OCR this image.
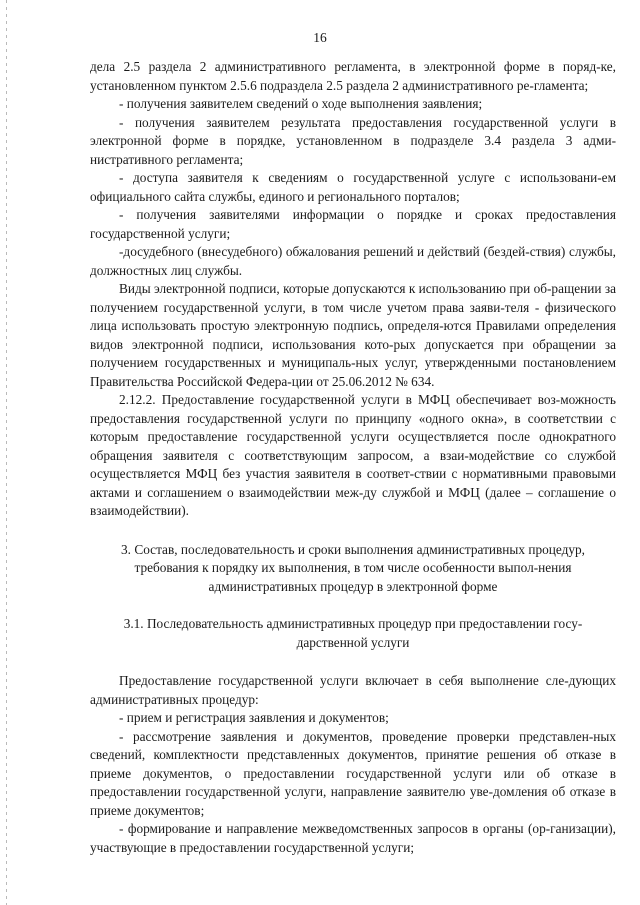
16

дела 2.5 раздела 2 административного регламента, в электронной форме в поряд-ке, установленном пунктом 2.5.6 подраздела 2.5 раздела 2 административного ре-гламента;

- получения заявителем сведений о ходе выполнения заявления;

- получения заявителем результата предоставления государственной услуги в электронной форме в порядке, установленном в подразделе 3.4 раздела 3 адми-нистративного регламента;

- доступа заявителя к сведениям о государственной услуге с использовани-ем официального сайта службы, единого и регионального порталов;

- получения заявителями информации о порядке и сроках предоставления государственной услуги;

-досудебного (внесудебного) обжалования решений и действий (бездей-ствия) службы, должностных лиц службы.

Виды электронной подписи, которые допускаются к использованию при об-ращении за получением государственной услуги, в том числе учетом права заяви-теля - физического лица использовать простую электронную подпись, определя-ются Правилами определения видов электронной подписи, использования кото-рых допускается при обращении за получением государственных и муниципаль-ных услуг, утвержденными постановлением Правительства Российской Федера-ции от 25.06.2012 № 634.

2.12.2. Предоставление государственной услуги в МФЦ обеспечивает воз-можность предоставления государственной услуги по принципу «одного окна», в соответствии с которым предоставление государственной услуги осуществляется после однократного обращения заявителя с соответствующим запросом, а взаи-модействие со службой осуществляется МФЦ без участия заявителя в соответ-ствии с нормативными правовыми актами и соглашением о взаимодействии меж-ду службой и МФЦ (далее – соглашение о взаимодействии).

3. Состав, последовательность и сроки выполнения административных процедур, требования к порядку их выполнения, в том числе особенности выпол-нения административных процедур в электронной форме
3.1. Последовательность административных процедур при предоставлении госу-дарственной услуги

Предоставление государственной услуги включает в себя выполнение сле-дующих административных процедур:

- прием и регистрация заявления и документов;

- рассмотрение заявления и документов, проведение проверки представлен-ных сведений, комплектности представленных документов, принятие решения об отказе в приеме документов, о предоставлении государственной услуги или об отказе в предоставлении государственной услуги, направление заявителю уве-домления об отказе в приеме документов;

- формирование и направление межведомственных запросов в органы (ор-ганизации), участвующие в предоставлении государственной услуги;
